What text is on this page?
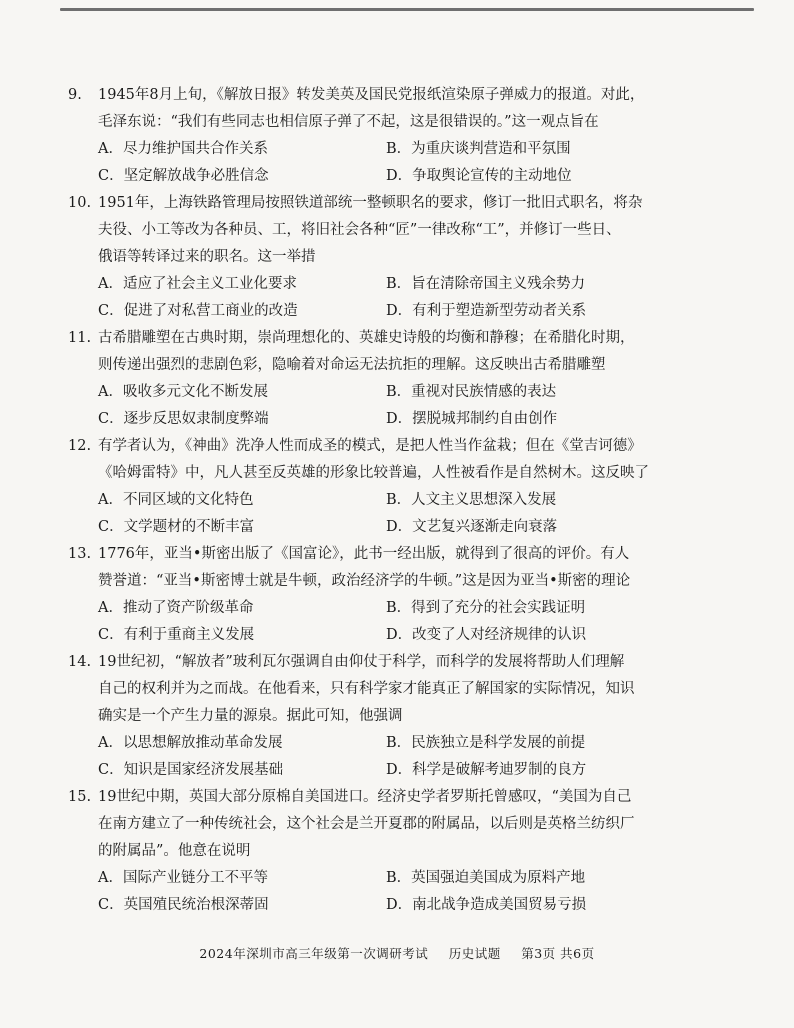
9. 1945年8月上旬，《解放日报》转发美英及国民党报纸渲染原子弹威力的报道。对此，
毛泽东说：“我们有些同志也相信原子弹了不起，这是很错误的。”这一观点旨在
A．尽力维护国共合作关系	B．为重庆谈判营造和平氛围
C．坚定解放战争必胜信念	D．争取舆论宣传的主动地位
10. 1951年，上海铁路管理局按照铁道部统一整顿职名的要求，修订一批旧式职名，将杂
夫役、小工等改为各种员、工，将旧社会各种“匠”一律改称“工”，并修订一些日、
俄语等转译过来的职名。这一举措
A．适应了社会主义工业化要求	B．旨在清除帝国主义残余势力
C．促进了对私营工商业的改造	D．有利于塑造新型劳动者关系
11. 古希腊雕塑在古典时期，崇尚理想化的、英雄史诗般的均衡和静穆；在希腊化时期，
则传递出强烈的悲剧色彩，隐喻着对命运无法抗拒的理解。这反映出古希腊雕塑
A．吸收多元文化不断发展	B．重视对民族情感的表达
C．逐步反思奴隶制度弊端	D．摆脱城邦制约自由创作
12. 有学者认为，《神曲》洗净人性而成圣的模式，是把人性当作盆栽；但在《堂吉诃德》
《哈姆雷特》中，凡人甚至反英雄的形象比较普遍，人性被看作是自然树木。这反映了
A．不同区域的文化特色	B．人文主义思想深入发展
C．文学题材的不断丰富	D．文艺复兴逐渐走向衰落
13. 1776年，亚当•斯密出版了《国富论》，此书一经出版，就得到了很高的评价。有人
赞誉道：“亚当•斯密博士就是牛顿，政治经济学的牛顿。”这是因为亚当•斯密的理论
A．推动了资产阶级革命	B．得到了充分的社会实践证明
C．有利于重商主义发展	D．改变了人对经济规律的认识
14. 19世纪初，“解放者”玻利瓦尔强调自由仰仗于科学，而科学的发展将帮助人们理解
自己的权利并为之而战。在他看来，只有科学家才能真正了解国家的实际情况，知识
确实是一个产生力量的源泉。据此可知，他强调
A．以思想解放推动革命发展	B．民族独立是科学发展的前提
C．知识是国家经济发展基础	D．科学是破解考迪罗制的良方
15. 19世纪中期，英国大部分原棉自美国进口。经济史学者罗斯托曾感叹，“美国为自己
在南方建立了一种传统社会，这个社会是兰开夏郡的附属品，以后则是英格兰纺织厂
的附属品”。他意在说明
A．国际产业链分工不平等	B．英国强迫美国成为原料产地
C．英国殖民统治根深蒂固	D．南北战争造成美国贸易亏损
2024年深圳市高三年级第一次调研考试 历史试题 第3页 共6页
